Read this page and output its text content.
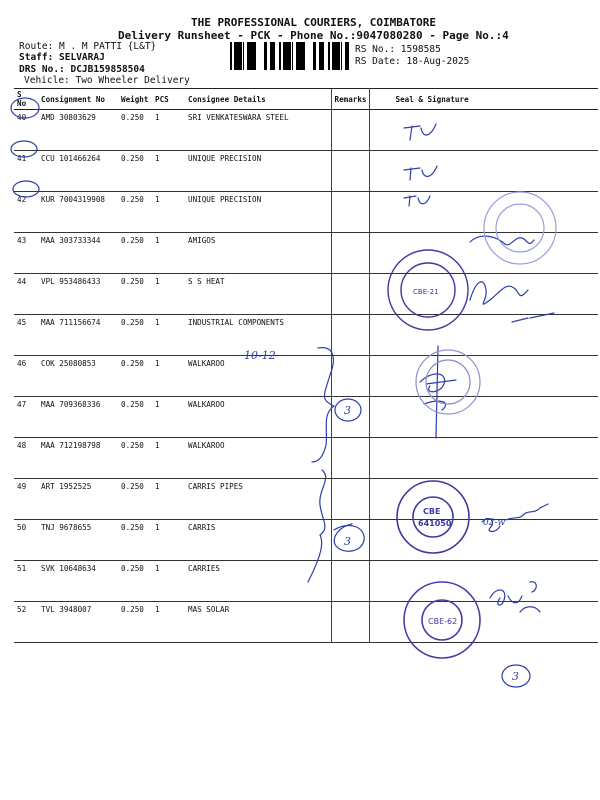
THE PROFESSIONAL COURIERS, COIMBATORE
Delivery Runsheet - PCK - Phone No.:9047080280 - Page No.:4
Route: M . M PATTI {L&T}
Staff: SELVARAJ
DRS No.: DCJB159858504
Vehicle: Two Wheeler Delivery
RS No.: 1598585
RS Date: 18-Aug-2025
S No	Consignment No	Weight	PCS	Consignee Details	Remarks	Seal & Signature
40	AMD 30803629	0.250	1	SRI VENKATESWARA STEEL		
41	CCU 101466264	0.250	1	UNIQUE PRECISION		
42	KUR 7004319908	0.250	1	UNIQUE PRECISION		
43	MAA 303733344	0.250	1	AMIGOS		
44	VPL 953486433	0.250	1	S S HEAT		
45	MAA 711156674	0.250	1	INDUSTRIAL COMPONENTS		
46	COK 25080853	0.250	1	WALKAROO		
47	MAA 709368336	0.250	1	WALKAROO		
48	MAA 712198798	0.250	1	WALKAROO		
49	ART 1952525	0.250	1	CARRIS PIPES		
50	TNJ 9678655	0.250	1	CARRIS		
51	SVK 10648634	0.250	1	CARRIES		
52	TVL 3948007	0.250	1	MAS SOLAR		
10-12
3
3
3
02-w
CBE-21
CBE
641050
CBE-62
